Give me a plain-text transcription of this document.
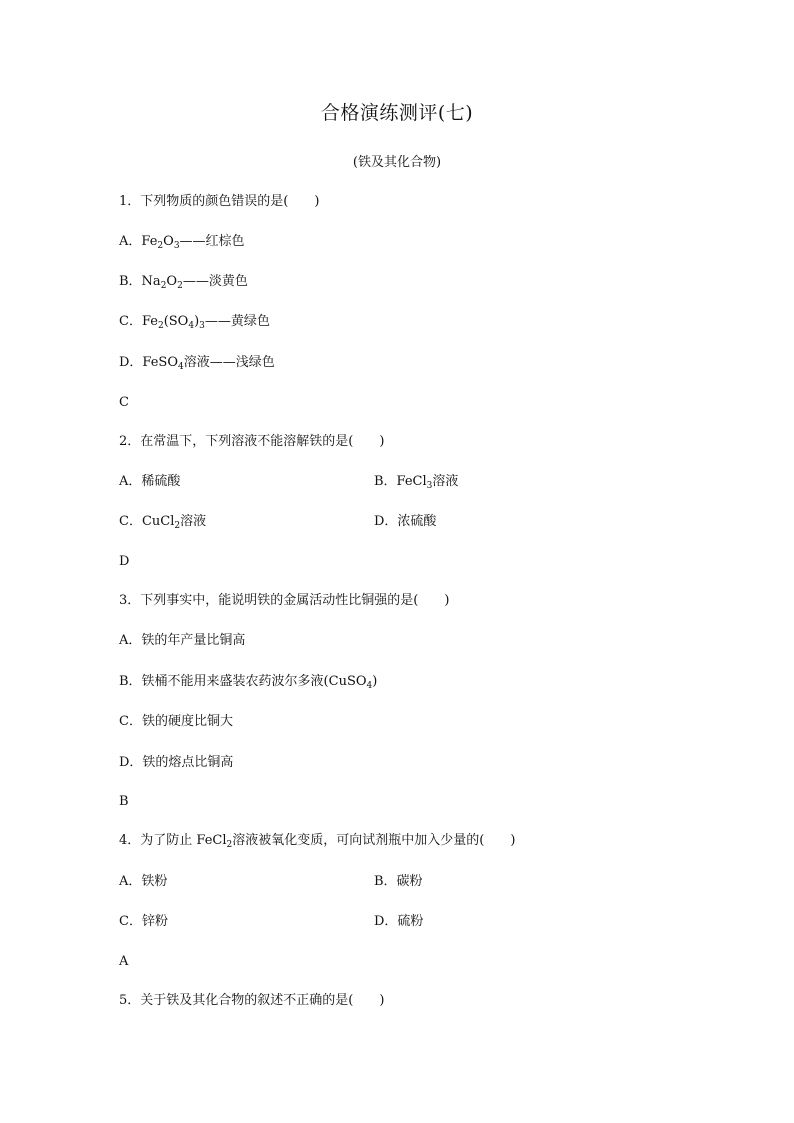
合格演练测评(七)
(铁及其化合物)
1．下列物质的颜色错误的是( )
A．$Fe_2O_3——$红棕色
B．$Na_2O_2——$淡黄色
C．$Fe_2(SO_4)_3——$黄绿色
D．FeSO$_4$溶液——浅绿色
C
2．在常温下，下列溶液不能溶解铁的是( )
A．稀硫酸	B．FeCl$_3$溶液
C．CuCl$_2$溶液	D．浓硫酸
D
3．下列事实中，能说明铁的金属活动性比铜强的是( )
A．铁的年产量比铜高
B．铁桶不能用来盛装农药波尔多液(CuSO$_4$)
C．铁的硬度比铜大
D．铁的熔点比铜高
B
4．为了防止 FeCl$_2$溶液被氧化变质，可向试剂瓶中加入少量的( )
A．铁粉	B．碳粉
C．锌粉	D．硫粉
A
5．关于铁及其化合物的叙述不正确的是( )
